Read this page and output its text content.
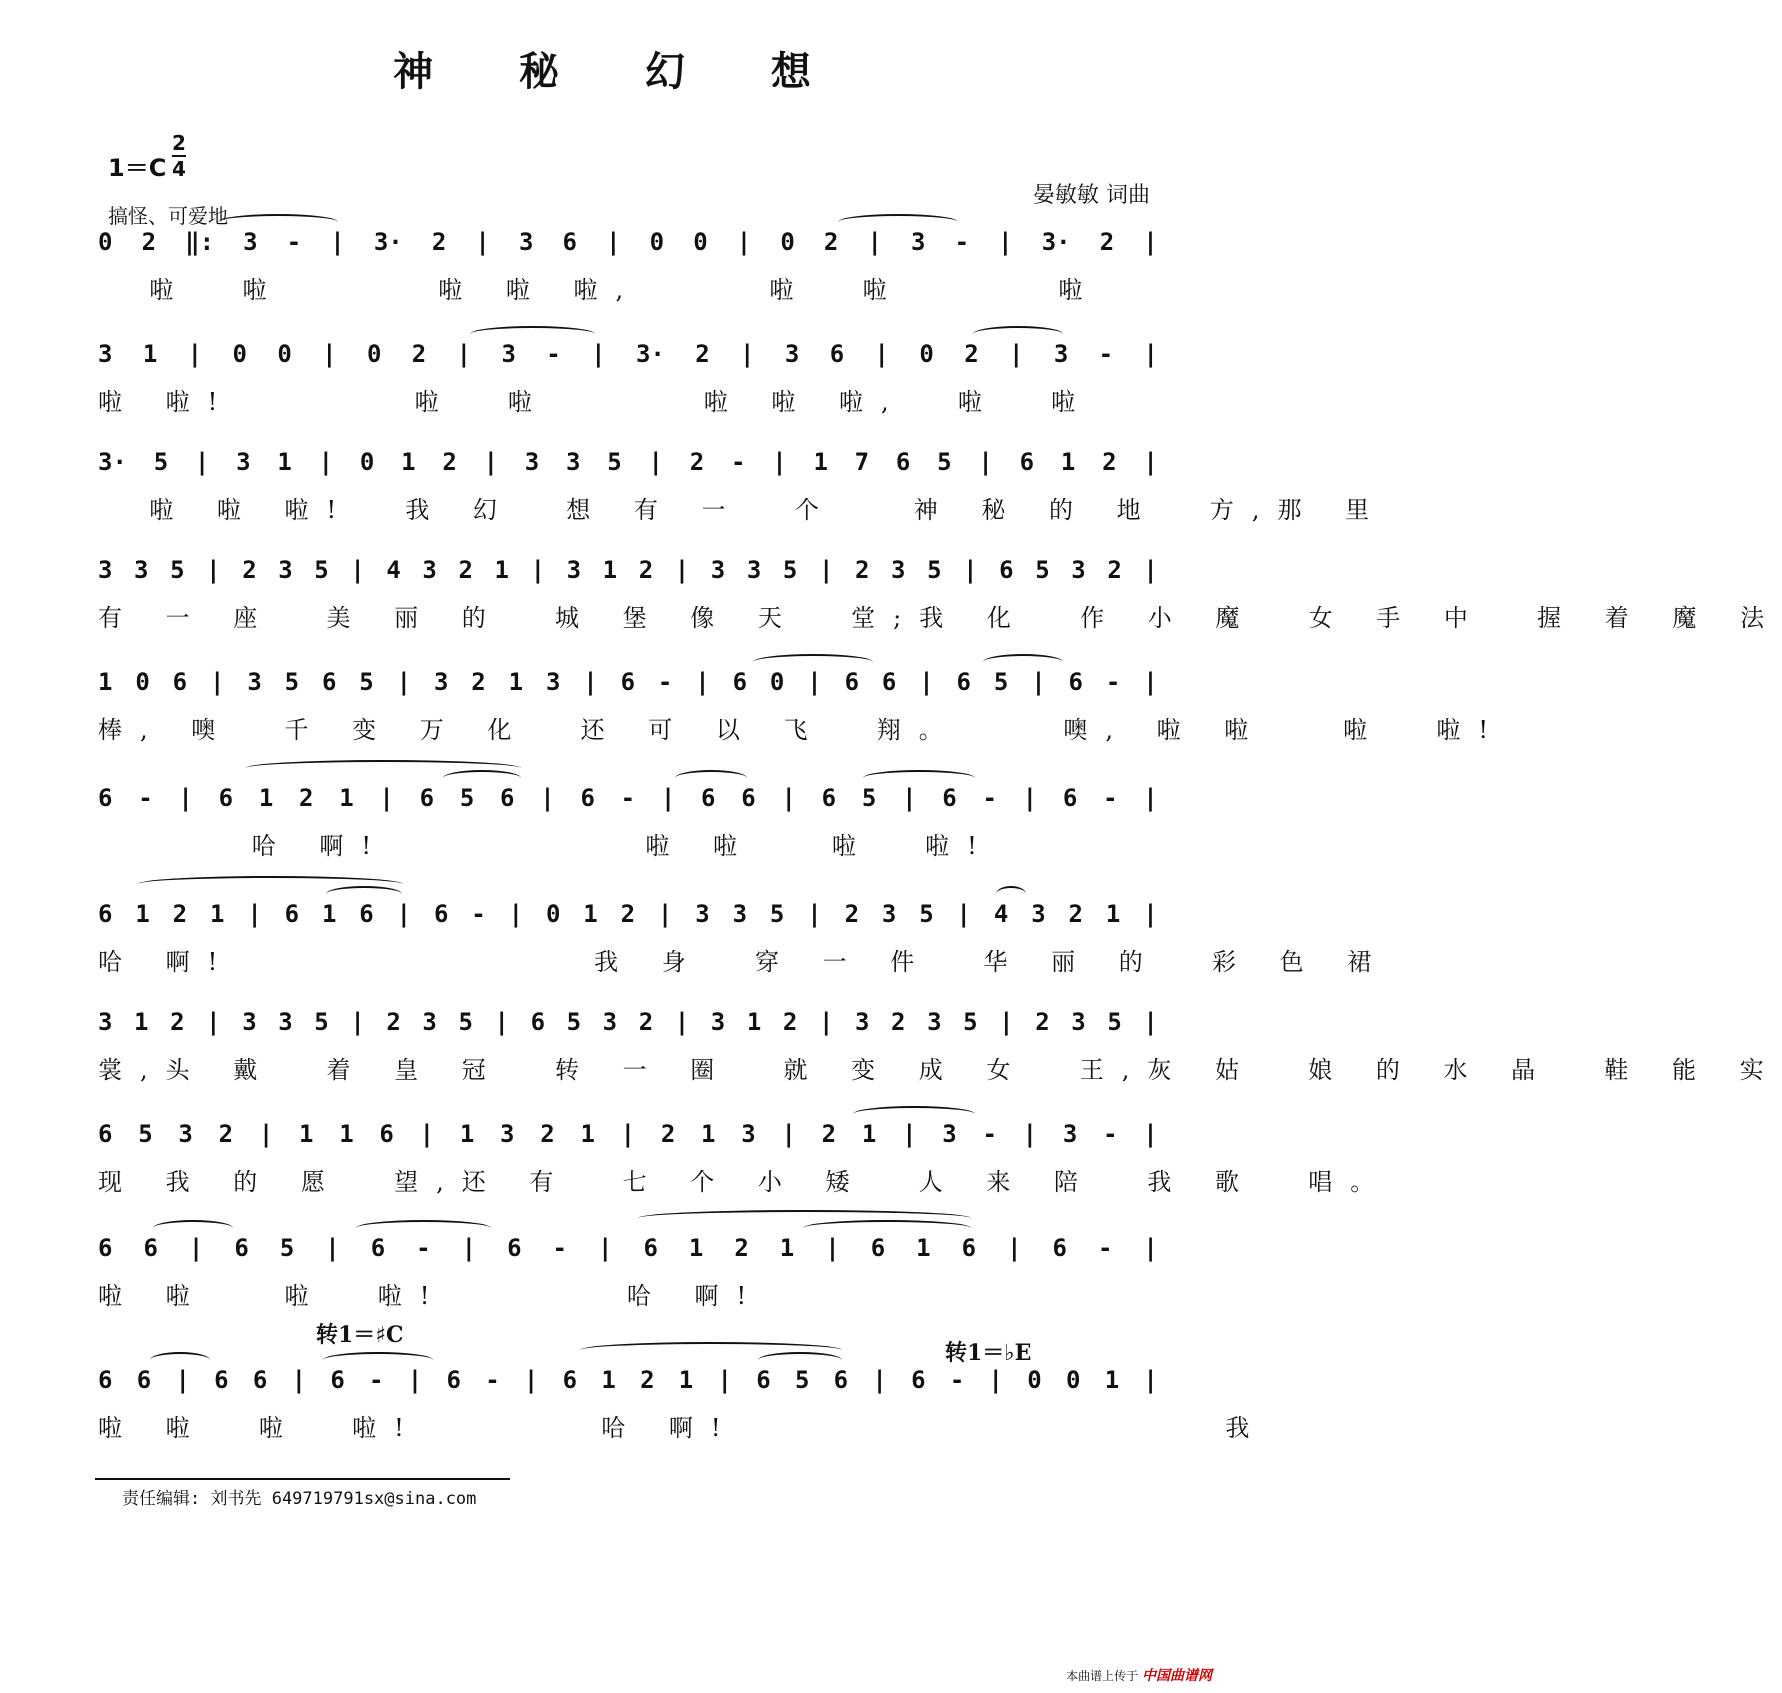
神 秘 幻 想
1＝C
2
4
晏敏敏 词曲
搞怪、可爱地
0 2 ‖: 3 - | 3· 2 | 3 6 | 0 0 | 0 2 | 3 - | 3· 2 |
啦  啦      啦 啦 啦,     啦  啦      啦
3 1 | 0 0 | 0 2 | 3 - | 3· 2 | 3 6 | 0 2 | 3 - |
啦 啦!       啦  啦      啦 啦 啦,  啦  啦
3· 5 | 3 1 | 0 1 2 | 3 3 5 | 2 - | 1 7 6 5 | 6 1 2 |
啦 啦 啦!  我 幻  想 有 一  个   神 秘 的 地  方,那 里
3 3 5 | 2 3 5 | 4 3 2 1 | 3 1 2 | 3 3 5 | 2 3 5 | 6 5 3 2 |
有 一 座  美 丽 的  城 堡 像 天  堂;我 化  作 小 魔  女 手 中  握 着 魔 法
1 0 6 | 3 5 6 5 | 3 2 1 3 | 6 - | 6 0 | 6 6 | 6 5 | 6 - |
棒, 噢  千 变 万 化  还 可 以 飞  翔。    噢, 啦 啦   啦  啦!
6 - | 6 1 2 1 | 6 5 6 | 6 - | 6 6 | 6 5 | 6 - | 6 - |
哈 啊!          啦 啦   啦  啦!
6 1 2 1 | 6 1 6 | 6 - | 0 1 2 | 3 3 5 | 2 3 5 | 4 3 2 1 |
哈 啊!              我 身  穿 一 件  华 丽 的  彩 色 裙
3 1 2 | 3 3 5 | 2 3 5 | 6 5 3 2 | 3 1 2 | 3 2 3 5 | 2 3 5 |
裳,头 戴  着 皇 冠  转 一 圈  就 变 成 女  王,灰 姑  娘 的 水 晶  鞋 能 实
6 5 3 2 | 1 1 6 | 1 3 2 1 | 2 1 3 | 2 1 | 3 - | 3 - |
现 我 的 愿  望,还 有  七 个 小 矮  人 来 陪  我 歌  唱。
6 6 | 6 5 | 6 - | 6 - | 6 1 2 1 | 6 1 6 | 6 - |
啦 啦   啦  啦!       哈 啊!
转1＝♯C
转1＝♭E
6 6 | 6 6 | 6 - | 6 - | 6 1 2 1 | 6 5 6 | 6 - | 0 0 1 |
啦 啦  啦  啦!       哈 啊!                   我
责任编辑: 刘书先 649719791sx@sina.com
本曲谱上传于 中国曲谱网
